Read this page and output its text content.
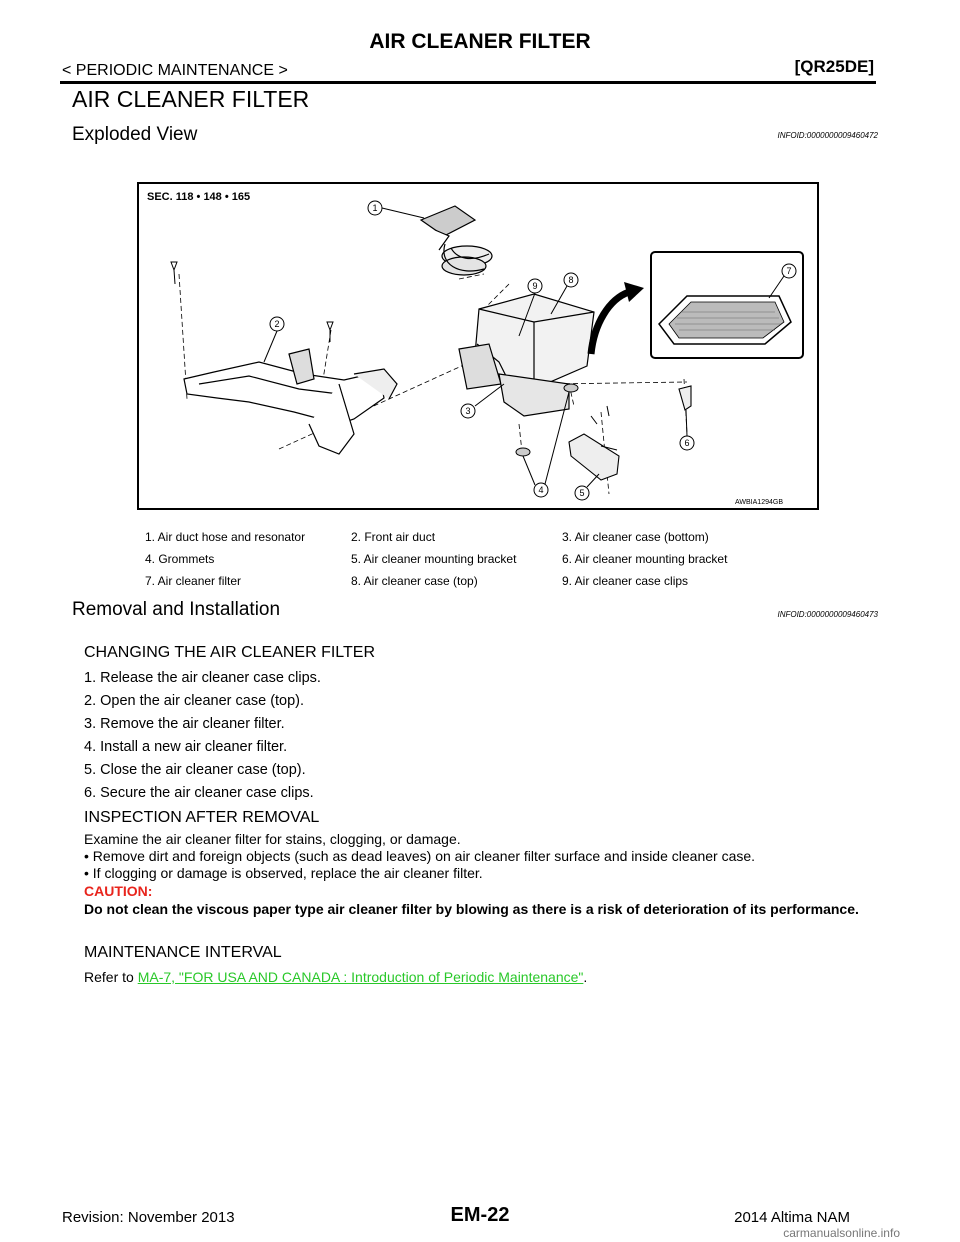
AIR CLEANER FILTER
< PERIODIC MAINTENANCE >	[QR25DE]
AIR CLEANER FILTER
Exploded View	INFOID:0000000009460472
SEC. 118 • 148 • 165
AWBIA1294GB
1
2
3
4	5
6
7
8
9
1. Air duct hose and resonator	2. Front air duct	3. Air cleaner case (bottom)
4. Grommets	5. Air cleaner mounting bracket	6. Air cleaner mounting bracket
7. Air cleaner filter	8. Air cleaner case (top)	9. Air cleaner case clips
Removal and Installation	INFOID:0000000009460473
CHANGING THE AIR CLEANER FILTER
1. Release the air cleaner case clips.
2. Open the air cleaner case (top).
3. Remove the air cleaner filter.
4. Install a new air cleaner filter.
5. Close the air cleaner case (top).
6. Secure the air cleaner case clips.
INSPECTION AFTER REMOVAL
Examine the air cleaner filter for stains, clogging, or damage.
• Remove dirt and foreign objects (such as dead leaves) on air cleaner filter surface and inside cleaner case.
• If clogging or damage is observed, replace the air cleaner filter.
CAUTION:
Do not clean the viscous paper type air cleaner filter by blowing as there is a risk of deterioration of its performance.
MAINTENANCE INTERVAL
Refer to MA-7, "FOR USA AND CANADA : Introduction of Periodic Maintenance".
Revision: November 2013	EM-22	2014 Altima NAM
carmanualsonline.info
